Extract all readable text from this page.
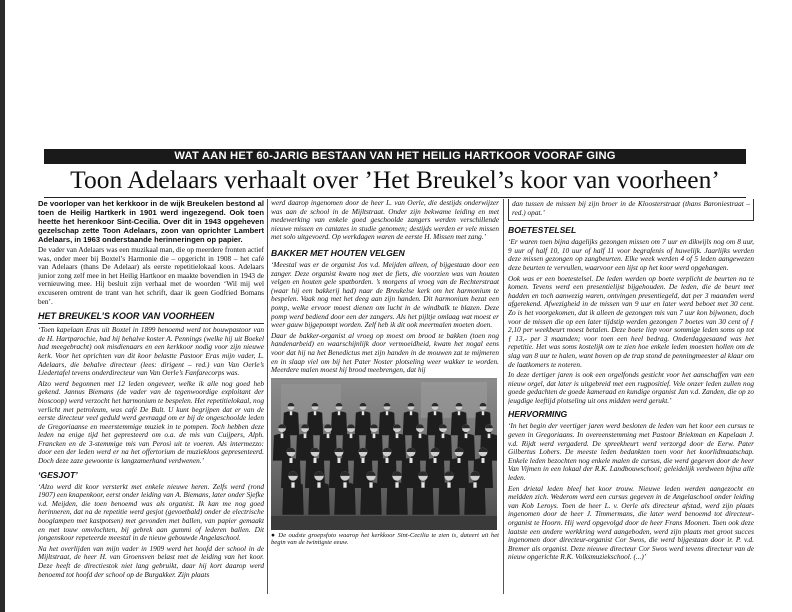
WAT AAN HET 60-JARIG BESTAAN VAN HET HEILIG HARTKOOR VOORAF GING
Toon Adelaars verhaalt over ’Het Breukel’s koor van voorheen’

De voorloper van het kerkkoor in de wijk Breukelen bestond al toen de Heilig Hartkerk in 1901 werd ingezegend. Ook toen heette het herenkoor Sint-Cecilia. Over dit in 1943 opgeheven gezelschap zette Toon Adelaars, zoon van oprichter Lambert Adelaars, in 1963 onderstaande herinneringen op papier.

De vader van Adelaars was een muzikaal man, die op meerdere fronten actief was, onder meer bij Boxtel’s Harmonie die – opgericht in 1908 – het café van Adelaars (thans De Adelaar) als eerste repetitielokaal koos. Adelaars junior zong zelf mee in het Heilig Hartkoor en maakte bovendien in 1943 de vernieuwing mee. Hij besluit zijn verhaal met de woorden ‘Wil mij wel excuseren omtrent de trant van het schrift, daar ik geen Godfried Bomans ben’.

HET BREUKEL’S KOOR VAN VOORHEEN

‘Toen kapelaan Eras uit Boxtel in 1899 benoemd werd tot bouwpastoor van de H. Hartparochie, had hij behalve koster A. Pennings (welke hij uit Boekel had meegebracht) ook misdienaars en een kerkkoor nodig voor zijn nieuwe kerk. Voor het oprichten van dit koor belastte Pastoor Eras mijn vader, L. Adelaars, die behalve directeur (lees: dirigent – red.) van Van Oerle’s Liedertafel tevens onderdirecteur van Van Oerle’s Fanfarecorps was.

Alzo werd begonnen met 12 leden ongeveer, welke ik alle nog goed heb gekend. Jannus Biemans (de vader van de tegenwoordige exploitant der bioscoop) werd verzocht het harmonium te bespelen. Het repetitielokaal, nog verlicht met petroleum, was café De Bult. U kunt begrijpen dat er van de eerste directeur veel geduld werd gevraagd om er bij de ongeschoolde leden de Gregoriaanse en meerstemmige muziek in te pompen. Toch hebben deze leden na enige tijd het gepresteerd om o.a. de mis van Cuijpers, Alph. Francken en de 3-stemmige mis van Perosi uit te voeren. Als intermezzo: door een der leden werd er na het offertorium de muziekloos gepresenteerd. Doch deze zaze gewoonte is langzamerhand verdwenen.’

‘GESJOT’

‘Alzo werd dit koor versterkt met enkele nieuwe heren. Zelfs werd (rond 1907) een knapenkoor, eerst onder leiding van A. Biemans, later onder Sjefke v.d. Meijden, die toen benoemd was als organist. Ik kan me nog goed herinneren, dat na de repetitie werd gesjot (gevoetbald) onder de electrische booglampen met kastpotsen) met gevonden met ballen, van papier gemaakt en met touw omvlochten, bij gebrek aan gummi of lederen ballen. Dit jongenskoor repeteerde meestal in de nieuw gebouwde Angelaschool.

Na het overlijden van mijn vader in 1909 werd het hoofd der school in de Mijltstraat, de heer H. van Groensven belast met de leiding van het koor. Deze heeft de directiestok niet lang gebruikt, daar hij kort daarop werd benoemd tot hoofd der school op de Burgakker. Zijn plaats

werd daarop ingenomen door de heer L. van Oerle, die destijds onderwijzer was aan de school in de Mijltstraat. Onder zijn bekwame leiding en met medewerking van enkele goed geschoolde zangers werden verschillende nieuwe missen en cantates in studie genomen; destijds werden er vele missen met solo uitgevoerd. Op werkdagen waren de eerste H. Missen met zang.’

BAKKER MET HOUTEN VELGEN

‘Meestal was er de organist Jos v.d. Meijden alleen, of bijgestaan door een zanger. Deze organist kwam nog met de fiets, die voorzien was van houten velgen en houten gele spatborden. ’s morgens al vroeg van de Rechterstraat (waar hij een bakkerij had) naar de Breukelse kerk om het harmonium te bespelen. Vaak nog met het deeg aan zijn handen. Dit harmonium bezat een pomp, welke ervoor moest dienen om lucht in de windbalk te blazen. Deze pomp werd bediend door een der zangers. Als het pijltje omlaag wat moest er weer gauw bijgepompt worden. Zelf heb ik dit ook meermalen moeten doen.

Daar de bakker-organist al vroeg op moest om brood te bakken (toen nog handenarbeid) en waarschijnlijk door vermoeidheid, kwam het nogal eens voor dat hij na het Benedictus met zijn handen in de mouwen zat te mijmeren en in slaap viel om bij het Pater Noster plotseling weer wakker te worden. Meerdere malen moest hij brood meebrengen, dat hij

● De oudste groepsfoto waarop het kerkkoor Sint-Cecilia te zien is, dateert uit het begin van de twintigste eeuw.

dan tussen de missen bij zijn broer in de Kloosterstraat (thans Baroniestraat – red.) opat.’

BOETESTELSEL

‘Er waren toen bijna dagelijks gezongen missen om 7 uur en dikwijls nog om 8 uur, 9 uur of half 10, 10 uur of half 11 voor begrafenis of huwelijk. Jaarlijks werden deze missen gezongen op zangbeurten. Elke week werden 4 of 5 leden aangewezen deze beurten te vervullen, waarvoor een lijst op het koor werd opgehangen.

Ook was er een boetestelsel. De leden werden op boete verplicht de beurten na te komen. Tevens werd een presentielijst bijgehouden. De leden, die de beurt met hadden en toch aanwezig waren, ontvingen presentiegeld, dat per 3 maanden werd afgerekend. Afwezigheid in de missen van 9 uur en later werd beboet met 30 cent. Zo is het voorgekomen, dat ik alleen de gezongen mis van 7 uur kon bijwonen, doch voor de missen die op een later tijdstip werden gezongen 7 boetes van 30 cent of ƒ 2,10 per weekbeurt moest betalen. Deze boete liep voor sommige leden soms op tot ƒ 13,- per 3 maanden; voor toen een heel bedrag. Onderdaggesaand was het repetitie. Het was soms kostelijk om te zien hoe enkele leden moesten hollen om de slag van 8 uur te halen, want boven op de trap stond de penningmeester al klaar om de laatkomers te noteren.

In deze dertiger jaren is ook een orgelfonds gesticht voor het aanschaffen van een nieuw orgel, dat later is uitgebreid met een rugpositief. Vele onzer leden zullen nog goede gedachten de goede kameraad en kundige organist Jan v.d. Zanden, die op zo jeugdige leeftijd plotseling uit ons midden werd gerukt.’

HERVORMING

‘In het begin der veertiger jaren werd besloten de leden van het koor een cursus te geven in Gregoriaans. In overeenstemming met Pastoor Briekman en Kapelaan J. v.d. Rijdt werd vergaderd. De spreekheurt werd verzorgd door de Eerw. Pater Gilbertus Lobers. De meeste leden bedankten toen voor het koorlidmaatschap. Enkele leden bezochten nog enkele malen de cursus, die werd gegeven door de heer Van Vijmen in een lokaal der R.K. Landbouwschool; geleidelijk verdween bijna alle leden.

Een drietal leden bleef het koor trouw. Nieuwe leden werden aangezocht en meldden zich. Wederom werd een cursus gegeven in de Angelaschool onder leiding van Kob Leroys. Toen de heer L. v. Oerle als directeur afstad, werd zijn plaats ingenomen door de heer J. Timmermans, die later werd benoemd tot directeur-organist te Hoorn. Hij werd opgevolgd door de heer Frans Moonen. Toen ook deze laatste een andere werkkring werd aangeboden, werd zijn plaats met groot succes ingenomen door directeur-organist Cor Swos, die werd bijgestaan door ir. P. v.d. Bremer als organist. Deze nieuwe directeur Cor Swos werd tevens directeur van de nieuw opgerichte R.K. Volksmuziekschool. (...)’
